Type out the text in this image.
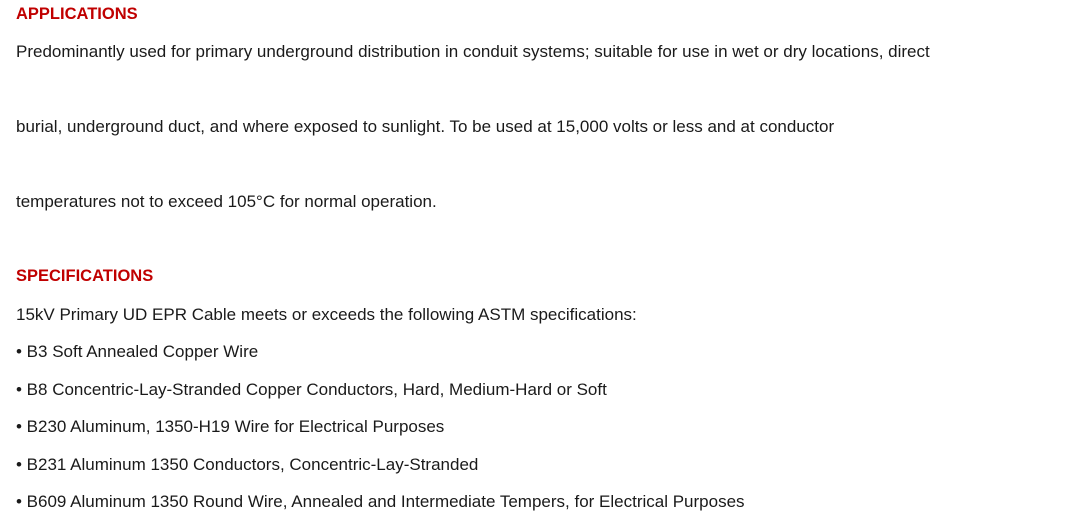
APPLICATIONS
Predominantly used for primary underground distribution in conduit systems; suitable for use in wet or dry locations, direct
burial, underground duct, and where exposed to sunlight. To be used at 15,000 volts or less and at conductor
temperatures not to exceed 105°C for normal operation.
SPECIFICATIONS
15kV Primary UD EPR Cable meets or exceeds the following ASTM specifications:
• B3 Soft Annealed Copper Wire
• B8 Concentric-Lay-Stranded Copper Conductors, Hard, Medium-Hard or Soft
• B230 Aluminum, 1350-H19 Wire for Electrical Purposes
• B231 Aluminum 1350 Conductors, Concentric-Lay-Stranded
• B609 Aluminum 1350 Round Wire, Annealed and Intermediate Tempers, for Electrical Purposes
